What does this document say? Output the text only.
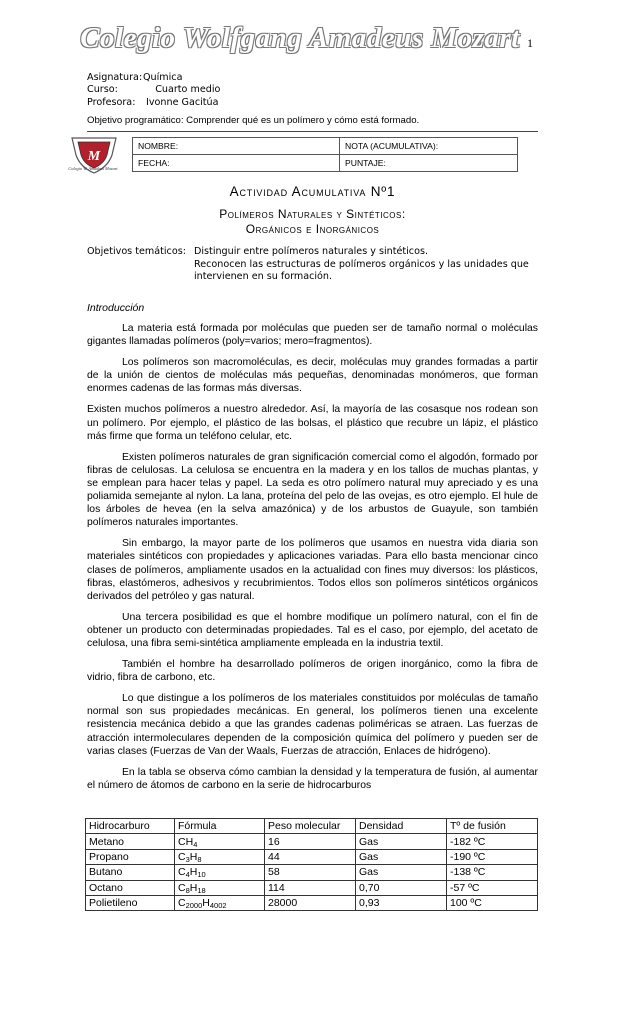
Colegio Wolfgang Amadeus Mozart 1
Asignatura:Química
Curso:	Cuarto medio
Profesora: Ivonne Gacitúa
Objetivo programático: Comprender qué es un polímero y cómo está formado.
M
Colegio W. Amadeus Mozart
NOMBRE:	NOTA (ACUMULATIVA):
FECHA:	PUNTAJE:
Actividad Acumulativa Nº1
Polímeros Naturales y Sintéticos:
Orgánicos e Inorgánicos
Objetivos temáticos: Distinguir entre polímeros naturales y sintéticos.
Reconocen las estructuras de polímeros orgánicos y las unidades que intervienen en su formación.
Introducción

La materia está formada por moléculas que pueden ser de tamaño normal o moléculas gigantes llamadas polímeros (poly=varios; mero=fragmentos).

Los polímeros son macromoléculas, es decir, moléculas muy grandes formadas a partir de la unión de cientos de moléculas más pequeñas, denominadas monómeros, que forman enormes cadenas de las formas más diversas.

Existen muchos polímeros a nuestro alrededor. Así, la mayoría de las cosasque nos rodean son un polímero. Por ejemplo, el plástico de las bolsas, el plástico que recubre un lápiz, el plástico más firme que forma un teléfono celular, etc.

Existen polímeros naturales de gran significación comercial como el algodón, formado por fibras de celulosas. La celulosa se encuentra en la madera y en los tallos de muchas plantas, y se emplean para hacer telas y papel. La seda es otro polímero natural muy apreciado y es una poliamida semejante al nylon. La lana, proteína del pelo de las ovejas, es otro ejemplo. El hule de los árboles de hevea (en la selva amazónica) y de los arbustos de Guayule, son también polímeros naturales importantes.

Sin embargo, la mayor parte de los polímeros que usamos en nuestra vida diaria son materiales sintéticos con propiedades y aplicaciones variadas. Para ello basta mencionar cinco clases de polímeros, ampliamente usados en la actualidad con fines muy diversos: los plásticos, fibras, elastómeros, adhesivos y recubrimientos. Todos ellos son polímeros sintéticos orgánicos derivados del petróleo y gas natural.

Una tercera posibilidad es que el hombre modifique un polímero natural, con el fin de obtener un producto con determinadas propiedades. Tal es el caso, por ejemplo, del acetato de celulosa, una fibra semi-sintética ampliamente empleada en la industria textil.

También el hombre ha desarrollado polímeros de origen inorgánico, como la fibra de vidrio, fibra de carbono, etc.

Lo que distingue a los polímeros de los materiales constituidos por moléculas de tamaño normal son sus propiedades mecánicas. En general, los polímeros tienen una excelente resistencia mecánica debido a que las grandes cadenas poliméricas se atraen. Las fuerzas de atracción intermoleculares dependen de la composición química del polímero y pueden ser de varias clases (Fuerzas de Van der Waals, Fuerzas de atracción, Enlaces de hidrógeno).

En la tabla se observa cómo cambian la densidad y la temperatura de fusión, al aumentar el número de átomos de carbono en la serie de hidrocarburos

Hidrocarburo	Fórmula	Peso molecular	Densidad	Tº de fusión
Metano	$CH_4$	16	Gas	-182 ºC
Propano	$C_3H_8$	44	Gas	-190 ºC
Butano	$C_4H_{10}$	58	Gas	-138 ºC
Octano	$C_8H_{18}$	114	0,70	-57 ºC
Polietileno	$C_{2000}H_{4002}$	28000	0,93	100 ºC
